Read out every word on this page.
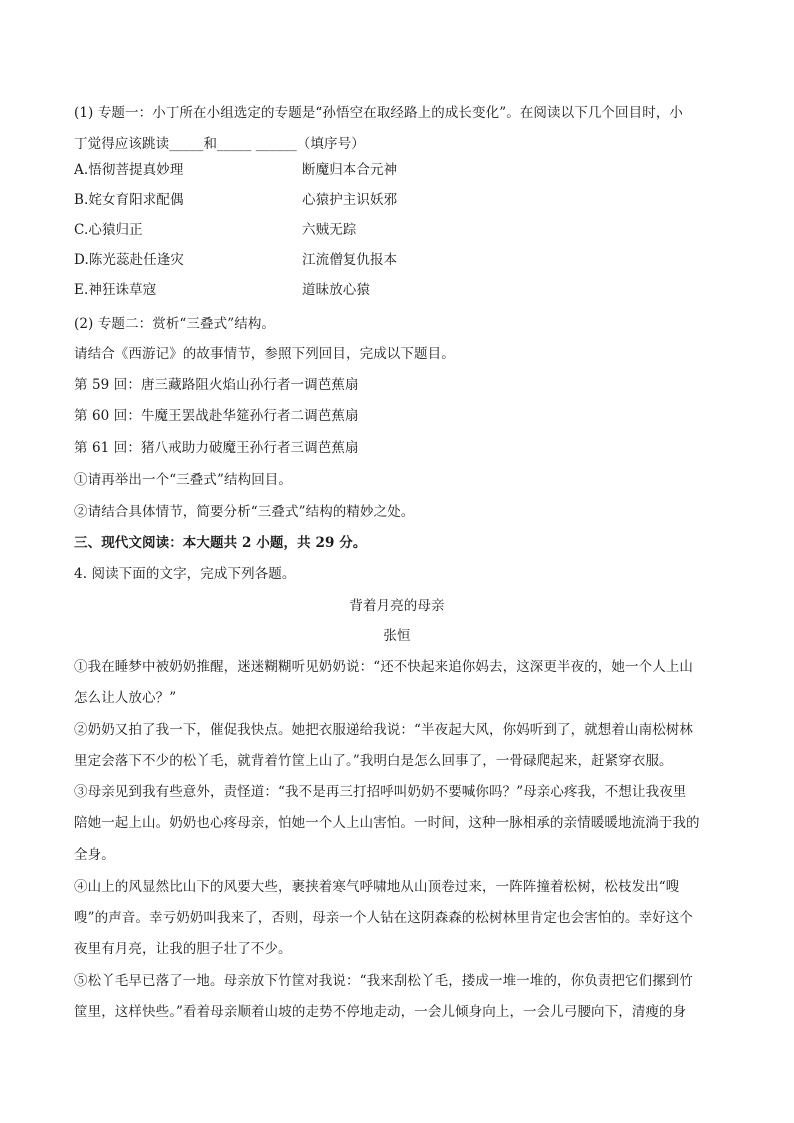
(1) 专题一：小丁所在小组选定的专题是“孙悟空在取经路上的成长变化”。在阅读以下几个回目时，小
丁觉得应该跳读_____和_____ ______（填序号）
A.悟彻菩提真妙理	断魔归本合元神
B.姹女育阳求配偶	心猿护主识妖邪
C.心猿归正	六贼无踪
D.陈光蕊赴任逢灾	江流僧复仇报本
E.神狂诛草寇	道昧放心猿
(2) 专题二：赏析“三叠式”结构。
请结合《西游记》的故事情节，参照下列回目，完成以下题目。
第 59 回：唐三藏路阻火焰山孙行者一调芭蕉扇
第 60 回：牛魔王罢战赴华筵孙行者二调芭蕉扇
第 61 回：猪八戒助力破魔王孙行者三调芭蕉扇
①请再举出一个“三叠式”结构回目。
②请结合具体情节，简要分析“三叠式”结构的精妙之处。
三、现代文阅读：本大题共 2 小题，共 29 分。
4. 阅读下面的文字，完成下列各题。
背着月亮的母亲
张恒
①我在睡梦中被奶奶推醒，迷迷糊糊听见奶奶说：“还不快起来追你妈去，这深更半夜的，她一个人上山
怎么让人放心？”
②奶奶又拍了我一下，催促我快点。她把衣服递给我说：“半夜起大风，你妈听到了，就想着山南松树林
里定会落下不少的松丫毛，就背着竹筐上山了。”我明白是怎么回事了，一骨碌爬起来，赶紧穿衣服。
③母亲见到我有些意外，责怪道：“我不是再三打招呼叫奶奶不要喊你吗？”母亲心疼我，不想让我夜里
陪她一起上山。奶奶也心疼母亲，怕她一个人上山害怕。一时间，这种一脉相承的亲情暖暖地流淌于我的
全身。
④山上的风显然比山下的风要大些，裹挟着寒气呼啸地从山顶卷过来，一阵阵撞着松树，松枝发出“嗖
嗖”的声音。幸亏奶奶叫我来了，否则，母亲一个人钻在这阴森森的松树林里肯定也会害怕的。幸好这个
夜里有月亮，让我的胆子壮了不少。
⑤松丫毛早已落了一地。母亲放下竹筐对我说：“我来刮松丫毛，搂成一堆一堆的，你负责把它们摞到竹
筐里，这样快些。”看着母亲顺着山坡的走势不停地走动，一会儿倾身向上，一会儿弓腰向下，清瘦的身
